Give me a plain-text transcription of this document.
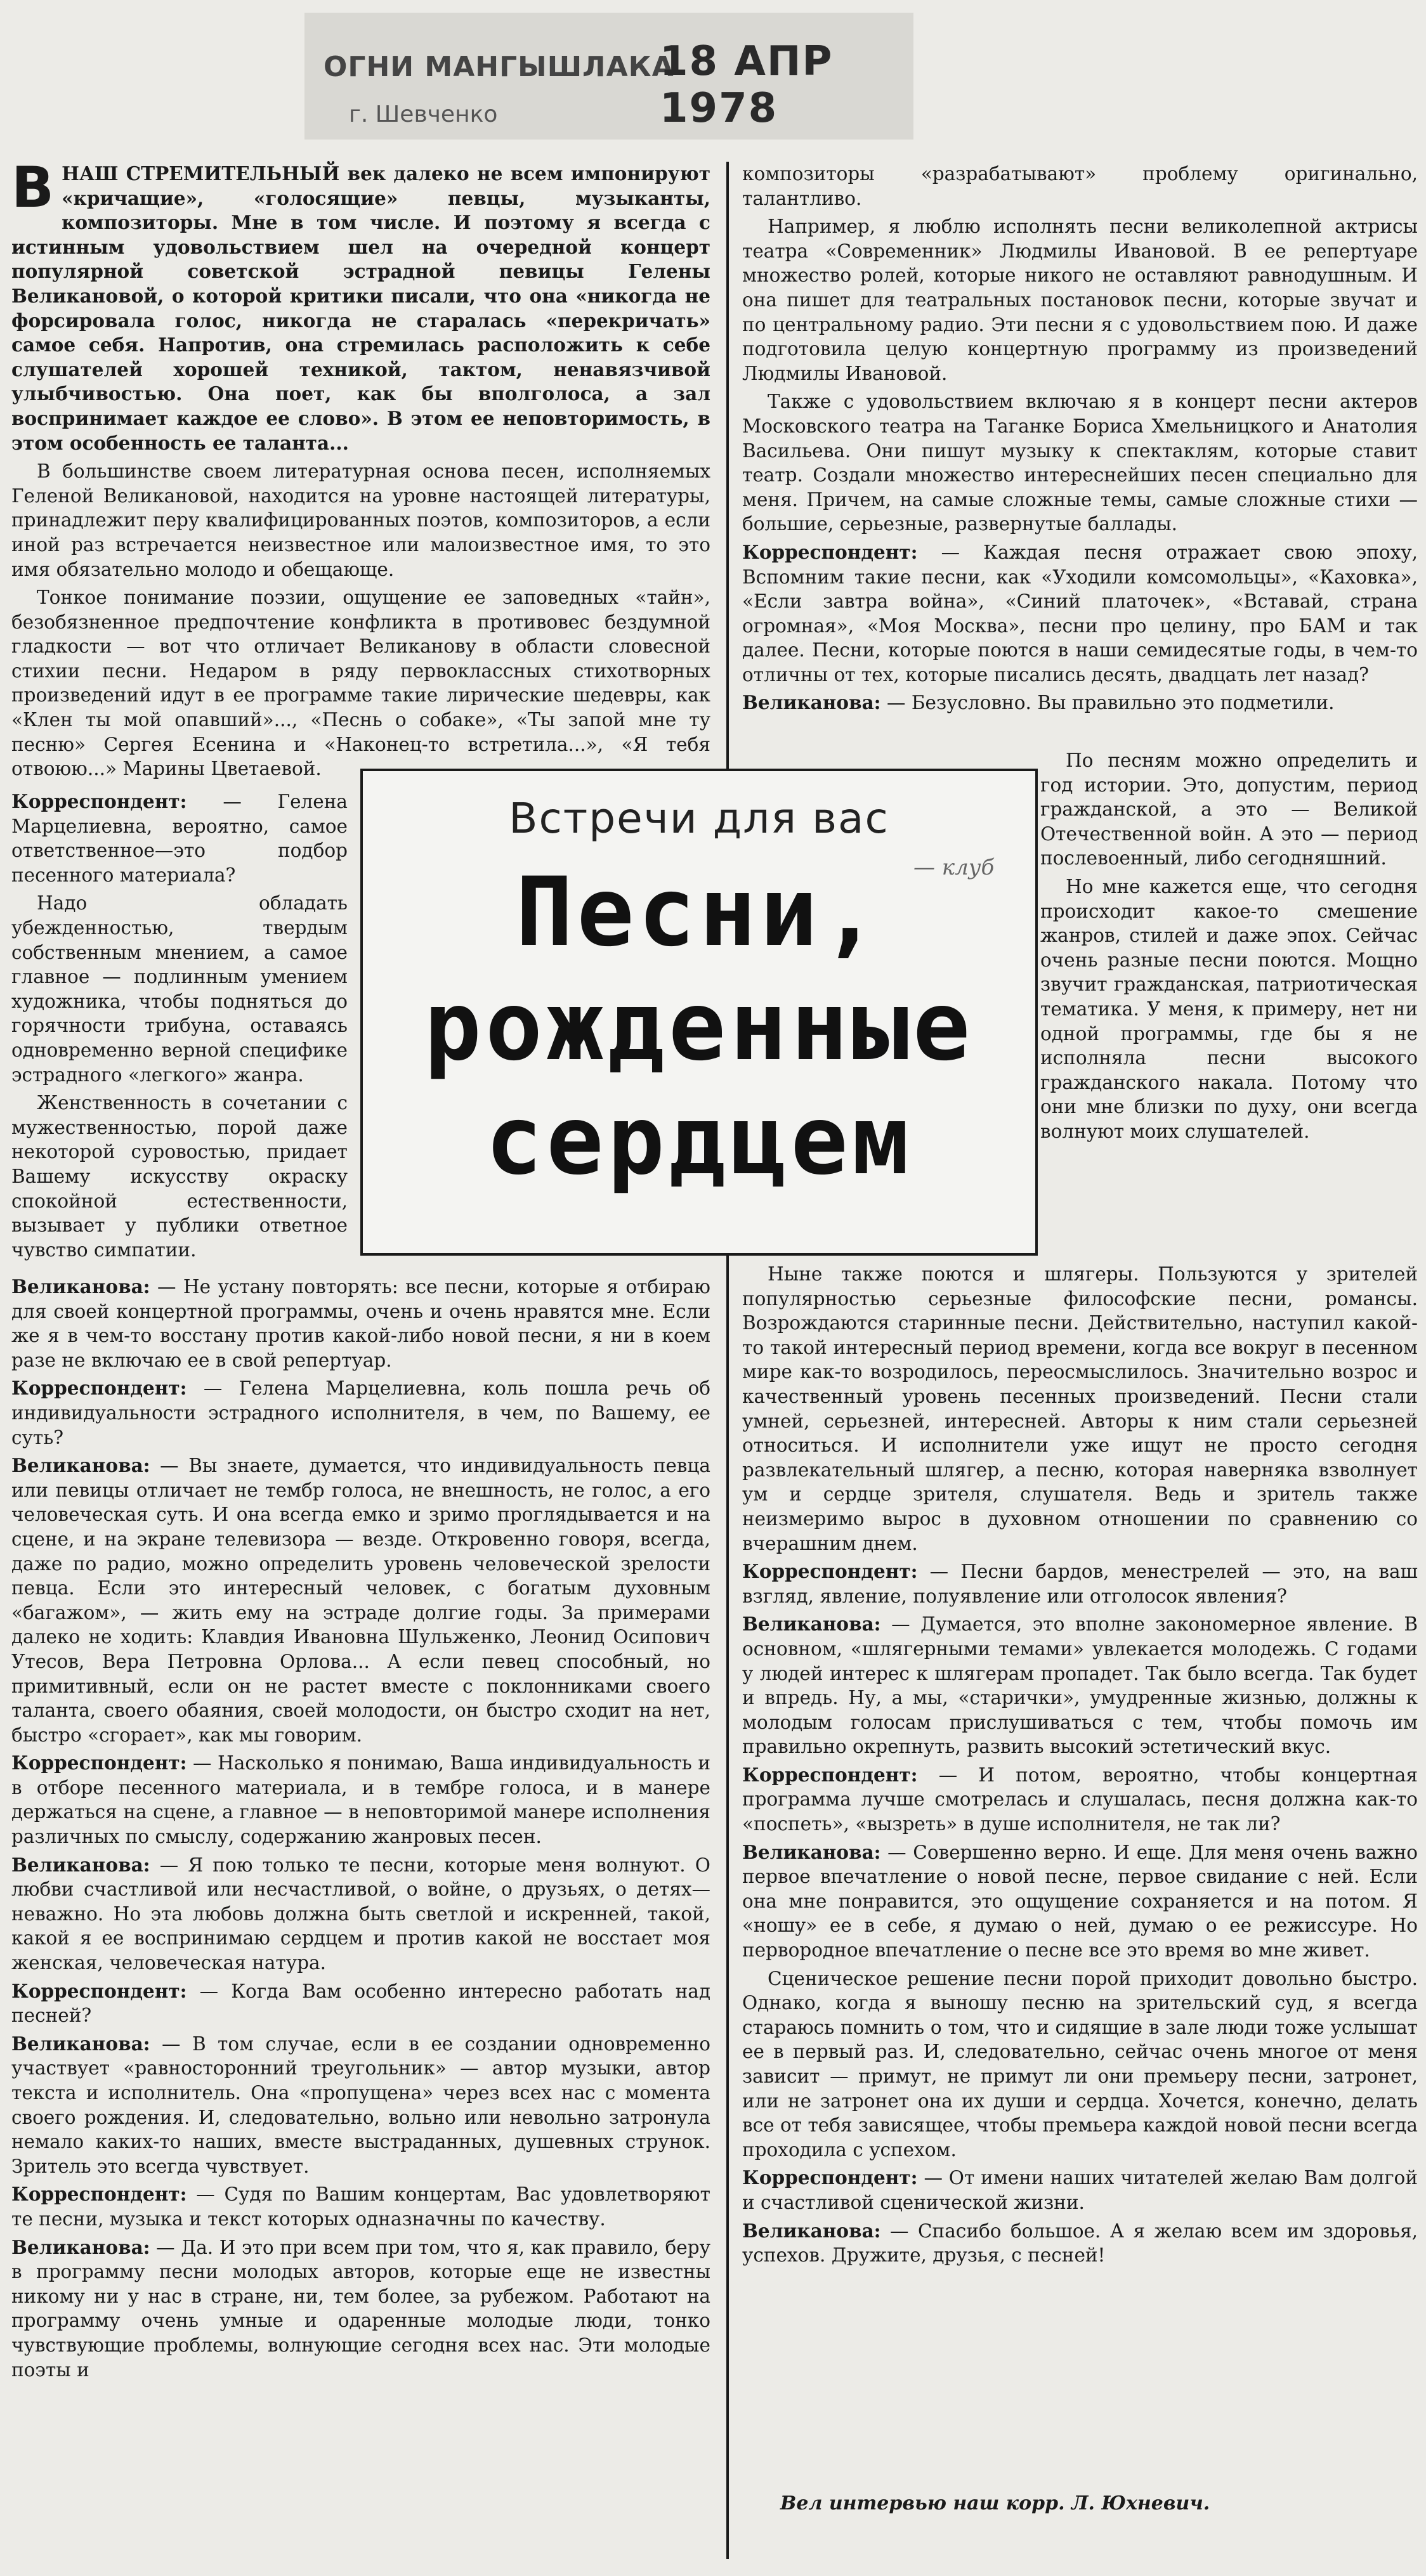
ОГНИ МАНГЫШЛАКА
г. Шевченко
18 АПР 1978

ВНАШ СТРЕМИТЕЛЬНЫЙ век далеко не всем импонируют «кричащие», «голосящие» певцы, музыканты, композиторы. Мне в том числе. И поэтому я всегда с истинным удовольствием шел на очередной концерт популярной советской эстрадной певицы Гелены Великановой, о которой критики писали, что она «никогда не форсировала голос, никогда не старалась «перекричать» самое себя. Напротив, она стремилась расположить к себе слушателей хорошей техникой, тактом, ненавязчивой улыбчивостью. Она поет, как бы вполголоса, а зал воспринимает каждое ее слово». В этом ее неповторимость, в этом особенность ее таланта...

В большинстве своем литературная основа песен, исполняемых Геленой Великановой, находится на уровне настоящей литературы, принадлежит перу квалифицированных поэтов, композиторов, а если иной раз встречается неизвестное или малоизвестное имя, то это имя обязательно молодо и обещающе.

Тонкое понимание поэзии, ощущение ее заповедных «тайн», безобязненное предпочтение конфликта в противовес бездумной гладкости — вот что отличает Великанову в области словесной стихии песни. Недаром в ряду первоклассных стихотворных произведений идут в ее программе такие лирические шедевры, как «Клен ты мой опавший»..., «Песнь о собаке», «Ты запой мне ту песню» Сергея Есенина и «Наконец-то встретила...», «Я тебя отвоюю...» Марины Цветаевой.

Корреспондент: — Гелена Марцелиевна, вероятно, самое ответственное—это подбор песенного материала?

Надо обладать убежденностью, твердым собственным мнением, а самое главное — подлинным умением художника, чтобы подняться до горячности трибуна, оставаясь одновременно верной специфике эстрадного «легкого» жанра.

Женственность в сочетании с мужественностью, порой даже некоторой суровостью, придает Вашему искусству окраску спокойной естественности, вызывает у публики ответное чувство симпатии.

Встречи для вас
Песни,
рожденные
сердцем
— клуб

Великанова: — Не устану повторять: все песни, которые я отбираю для своей концертной программы, очень и очень нравятся мне. Если же я в чем-то восстану против какой-либо новой песни, я ни в коем разе не включаю ее в свой репертуар.

Корреспондент: — Гелена Марцелиевна, коль пошла речь об индивидуальности эстрадного исполнителя, в чем, по Вашему, ее суть?

Великанова: — Вы знаете, думается, что индивидуальность певца или певицы отличает не тембр голоса, не внешность, не голос, а его человеческая суть. И она всегда емко и зримо проглядывается и на сцене, и на экране телевизора — везде. Откровенно говоря, всегда, даже по радио, можно определить уровень человеческой зрелости певца. Если это интересный человек, с богатым духовным «багажом», — жить ему на эстраде долгие годы. За примерами далеко не ходить: Клавдия Ивановна Шульженко, Леонид Осипович Утесов, Вера Петровна Орлова... А если певец способный, но примитивный, если он не растет вместе с поклонниками своего таланта, своего обаяния, своей молодости, он быстро сходит на нет, быстро «сгорает», как мы говорим.

Корреспондент: — Насколько я понимаю, Ваша индивидуальность и в отборе песенного материала, и в тембре голоса, и в манере держаться на сцене, а главное — в неповторимой манере исполнения различных по смыслу, содержанию жанровых песен.

Великанова: — Я пою только те песни, которые меня волнуют. О любви счастливой или несчастливой, о войне, о друзьях, о детях—неважно. Но эта любовь должна быть светлой и искренней, такой, какой я ее воспринимаю сердцем и против какой не восстает моя женская, человеческая натура.

Корреспондент: — Когда Вам особенно интересно работать над песней?

Великанова: — В том случае, если в ее создании одновременно участвует «равносторонний треугольник» — автор музыки, автор текста и исполнитель. Она «пропущена» через всех нас с момента своего рождения. И, следовательно, вольно или невольно затронула немало каких-то наших, вместе выстраданных, душевных струнок. Зритель это всегда чувствует.

Корреспондент: — Судя по Вашим концертам, Вас удовлетворяют те песни, музыка и текст которых одназначны по качеству.

Великанова: — Да. И это при всем при том, что я, как правило, беру в программу песни молодых авторов, которые еще не известны никому ни у нас в стране, ни, тем более, за рубежом. Работают на программу очень умные и одаренные молодые люди, тонко чувствующие проблемы, волнующие сегодня всех нас. Эти молодые поэты и

композиторы «разрабатывают» проблему оригинально, талантливо.

Например, я люблю исполнять песни великолепной актрисы театра «Современник» Людмилы Ивановой. В ее репертуаре множество ролей, которые никого не оставляют равнодушным. И она пишет для театральных постановок песни, которые звучат и по центральному радио. Эти песни я с удовольствием пою. И даже подготовила целую концертную программу из произведений Людмилы Ивановой.

Также с удовольствием включаю я в концерт песни актеров Московского театра на Таганке Бориса Хмельницкого и Анатолия Васильева. Они пишут музыку к спектаклям, которые ставит театр. Создали множество интереснейших песен специально для меня. Причем, на самые сложные темы, самые сложные стихи — большие, серьезные, развернутые баллады.

Корреспондент: — Каждая песня отражает свою эпоху, Вспомним такие песни, как «Уходили комсомольцы», «Каховка», «Если завтра война», «Синий платочек», «Вставай, страна огромная», «Моя Москва», песни про целину, про БАМ и так далее. Песни, которые поются в наши семидесятые годы, в чем-то отличны от тех, которые писались десять, двадцать лет назад?

Великанова: — Безусловно. Вы правильно это подметили.

По песням можно определить и год истории. Это, допустим, период гражданской, а это — Великой Отечественной войн. А это — период послевоенный, либо сегодняшний.

Но мне кажется еще, что сегодня происходит какое-то смешение жанров, стилей и даже эпох. Сейчас очень разные песни поются. Мощно звучит гражданская, патриотическая тематика. У меня, к примеру, нет ни одной программы, где бы я не исполняла песни высокого гражданского накала. Потому что они мне близки по духу, они всегда волнуют моих слушателей.

Ныне также поются и шлягеры. Пользуются у зрителей популярностью серьезные философские песни, романсы. Возрождаются старинные песни. Действительно, наступил какой-то такой интересный период времени, когда все вокруг в песенном мире как-то возродилось, переосмыслилось. Значительно возрос и качественный уровень песенных произведений. Песни стали умней, серьезней, интересней. Авторы к ним стали серьезней относиться. И исполнители уже ищут не просто сегодня развлекательный шлягер, а песню, которая наверняка взволнует ум и сердце зрителя, слушателя. Ведь и зритель также неизмеримо вырос в духовном отношении по сравнению со вчерашним днем.

Корреспондент: — Песни бардов, менестрелей — это, на ваш взгляд, явление, полуявление или отголосок явления?

Великанова: — Думается, это вполне закономерное явление. В основном, «шлягерными темами» увлекается молодежь. С годами у людей интерес к шлягерам пропадет. Так было всегда. Так будет и впредь. Ну, а мы, «старички», умудренные жизнью, должны к молодым голосам прислушиваться с тем, чтобы помочь им правильно окрепнуть, развить высокий эстетический вкус.

Корреспондент: — И потом, вероятно, чтобы концертная программа лучше смотрелась и слушалась, песня должна как-то «поспеть», «вызреть» в душе исполнителя, не так ли?

Великанова: — Совершенно верно. И еще. Для меня очень важно первое впечатление о новой песне, первое свидание с ней. Если она мне понравится, это ощущение сохраняется и на потом. Я «ношу» ее в себе, я думаю о ней, думаю о ее режиссуре. Но первородное впечатление о песне все это время во мне живет.

Сценическое решение песни порой приходит довольно быстро. Однако, когда я выношу песню на зрительский суд, я всегда стараюсь помнить о том, что и сидящие в зале люди тоже услышат ее в первый раз. И, следовательно, сейчас очень многое от меня зависит — примут, не примут ли они премьеру песни, затронет, или не затронет она их души и сердца. Хочется, конечно, делать все от тебя зависящее, чтобы премьера каждой новой песни всегда проходила с успехом.

Корреспондент: — От имени наших читателей желаю Вам долгой и счастливой сценической жизни.

Великанова: — Спасибо большое. А я желаю всем им здоровья, успехов. Дружите, друзья, с песней!

Вел интервью наш корр. Л. Юхневич.
